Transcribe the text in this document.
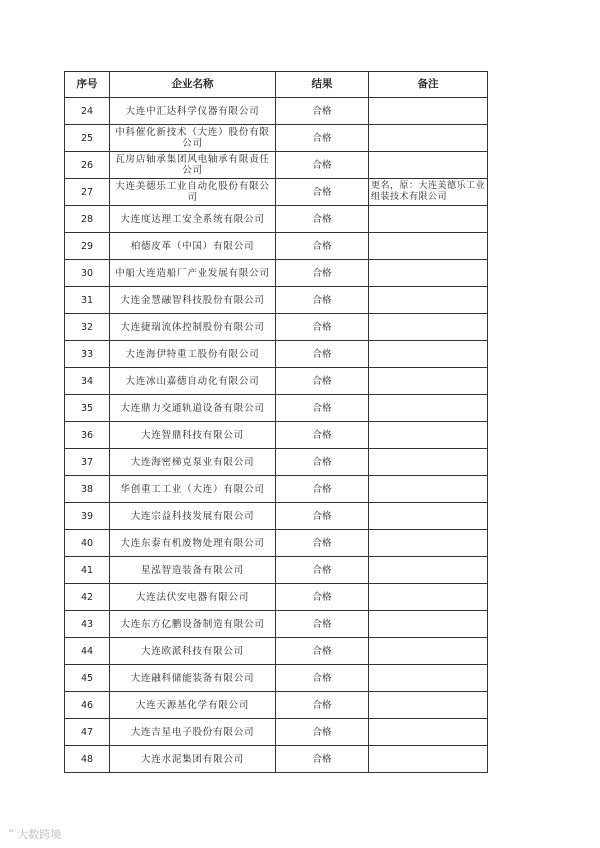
序号	企业名称	结果	备注
24	大连中汇达科学仪器有限公司	合格	
25	中科催化新技术（大连）股份有限公司	合格	
26	瓦房店轴承集团风电轴承有限责任公司	合格	
27	大连美德乐工业自动化股份有限公司	合格	更名，原：大连美德乐工业组装技术有限公司
28	大连度达理工安全系统有限公司	合格	
29	柏德皮革（中国）有限公司	合格	
30	中船大连造船厂产业发展有限公司	合格	
31	大连金慧融智科技股份有限公司	合格	
32	大连捷瑞流体控制股份有限公司	合格	
33	大连海伊特重工股份有限公司	合格	
34	大连冰山嘉德自动化有限公司	合格	
35	大连鼎力交通轨道设备有限公司	合格	
36	大连智鼎科技有限公司	合格	
37	大连海密梯克泵业有限公司	合格	
38	华创重工工业（大连）有限公司	合格	
39	大连宗益科技发展有限公司	合格	
40	大连东泰有机废物处理有限公司	合格	
41	星泓智造装备有限公司	合格	
42	大连法伏安电器有限公司	合格	
43	大连东方亿鹏设备制造有限公司	合格	
44	大连欧派科技有限公司	合格	
45	大连融科储能装备有限公司	合格	
46	大连天源基化学有限公司	合格	
47	大连吉星电子股份有限公司	合格	
48	大连水泥集团有限公司	合格	
“ 大数跨境
